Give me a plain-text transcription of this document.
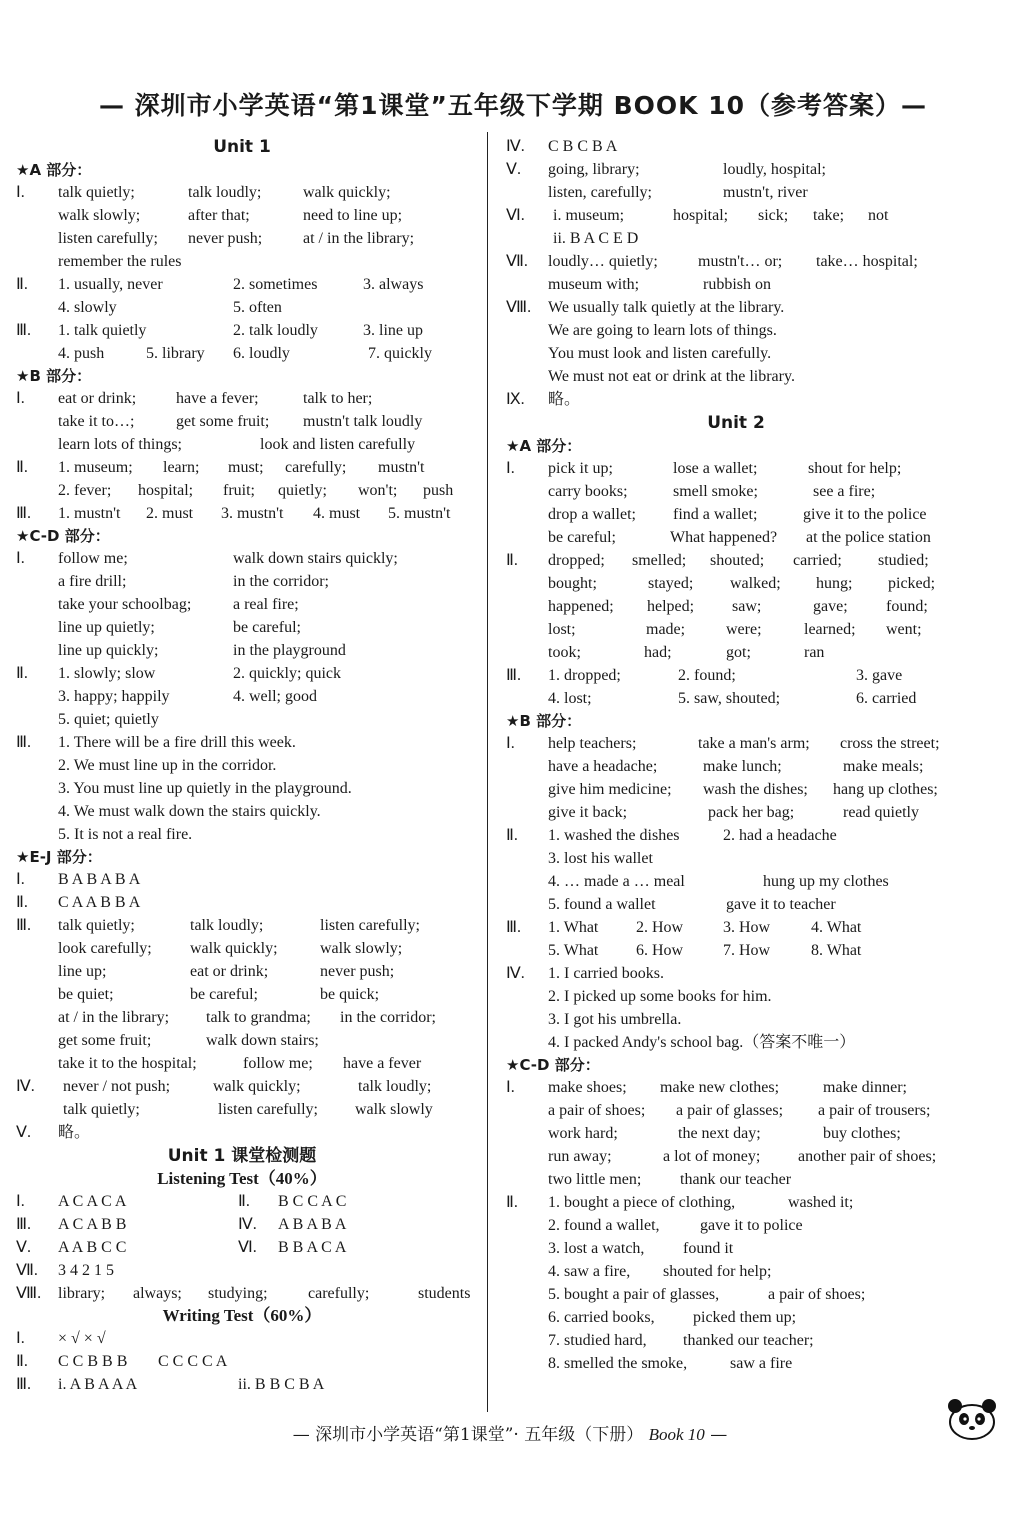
— 深圳市小学英语“第1课堂”五年级下学期 BOOK 10（参考答案）—
Unit 1
★A 部分：
Ⅰ. talk quietly;	talk loudly;	walk quickly;
walk slowly;	after that;	need to line up;
listen carefully; never push;	at / in the library;
remember the rules
Ⅱ. 1. usually, never	2. sometimes	3. always
4. slowly	5. often
Ⅲ. 1. talk quietly	2. talk loudly	3. line up
4. push	5. library 6. loudly	7. quickly
★B 部分：
Ⅰ. eat or drink; have a fever;	talk to her;
take it to…;	get some fruit; mustn't talk loudly
learn lots of things;	look and listen carefully
Ⅱ. 1. museum; learn; must; carefully; mustn't
2. fever; hospital; fruit; quietly; won't; push
Ⅲ. 1. mustn't 2. must 3. mustn't 4. must 5. mustn't
★C-D 部分：
Ⅰ. follow me;	walk down stairs quickly;
a fire drill;	in the corridor;
take your schoolbag;	a real fire;
line up quietly;	be careful;
line up quickly;	in the playground
Ⅱ. 1. slowly; slow	2. quickly; quick
3. happy; happily	4. well; good
5. quiet; quietly
Ⅲ. 1. There will be a fire drill this week.
2. We must line up in the corridor.
3. You must line up quietly in the playground.
4. We must walk down the stairs quickly.
5. It is not a real fire.
★E-J 部分：
Ⅰ. B A B A B A
Ⅱ. C A A B B A
Ⅲ. talk quietly;	talk loudly;	listen carefully;
look carefully; walk quickly;	walk slowly;
line up;	eat or drink;	never push;
be quiet;	be careful;	be quick;
at / in the library; talk to grandma; in the corridor;
get some fruit;	walk down stairs;
take it to the hospital;	follow me; have a fever
Ⅳ. never / not push;	walk quickly;	talk loudly;
talk quietly;	listen carefully; walk slowly
Ⅴ. 略。
Unit 1 课堂检测题
Listening Test（40%）
Ⅰ. A C A C A	Ⅱ. B C C A C
Ⅲ. A C A B B	Ⅳ. A B A B A
Ⅴ. A A B C C	Ⅵ. B B A C A
Ⅶ. 3 4 2 1 5
Ⅷ. library; always; studying;	carefully;	students
Writing Test（60%）
Ⅰ. × √ × √
Ⅱ. C C B B B C C C C A
Ⅲ. i. A B A A A	ii. B B C B A
Ⅳ. C B C B A
Ⅴ. going, library;	loudly, hospital;
listen, carefully;	mustn't, river
Ⅵ. i. museum;	hospital; sick; take; not
ii. B A C E D
Ⅶ. loudly… quietly;	mustn't… or; take… hospital;
museum with;	rubbish on
Ⅷ. We usually talk quietly at the library.
We are going to learn lots of things.
You must look and listen carefully.
We must not eat or drink at the library.
Ⅸ. 略。
Unit 2
★A 部分：
Ⅰ. pick it up;	lose a wallet;	shout for help;
carry books;	smell smoke;	see a fire;
drop a wallet; find a wallet;	give it to the police
be careful;	What happened? at the police station
Ⅱ. dropped; smelled; shouted; carried; studied;
bought;	stayed; walked; hung; picked;
happened; helped; saw;	gave; found;
lost;	made;	were;	learned; went;
took;	had;	got;	ran
Ⅲ. 1. dropped;	2. found;	3. gave
4. lost;	5. saw, shouted;	6. carried
★B 部分：
Ⅰ. help teachers;	take a man's arm; cross the street;
have a headache;	make lunch;	make meals;
give him medicine; wash the dishes; hang up clothes;
give it back;	pack her bag;	read quietly
Ⅱ. 1. washed the dishes	2. had a headache
3. lost his wallet
4. … made a … meal	hung up my clothes
5. found a wallet	gave it to teacher
Ⅲ. 1. What 2. How 3. How	4. What
5. What 6. How 7. How	8. What
Ⅳ. 1. I carried books.
2. I picked up some books for him.
3. I got his umbrella.
4. I packed Andy's school bag.（答案不唯一）
★C-D 部分：
Ⅰ. make shoes; make new clothes;	make dinner;
a pair of shoes; a pair of glasses; a pair of trousers;
work hard;	the next day;	buy clothes;
run away;	a lot of money; another pair of shoes;
two little men; thank our teacher
Ⅱ. 1. bought a piece of clothing,	washed it;
2. found a wallet,	gave it to police
3. lost a watch, found it
4. saw a fire, shouted for help;
5. bought a pair of glasses,	a pair of shoes;
6. carried books, picked them up;
7. studied hard, thanked our teacher;
8. smelled the smoke,	saw a fire
— 深圳市小学英语“第1课堂”· 五年级（下册） Book 10 —
